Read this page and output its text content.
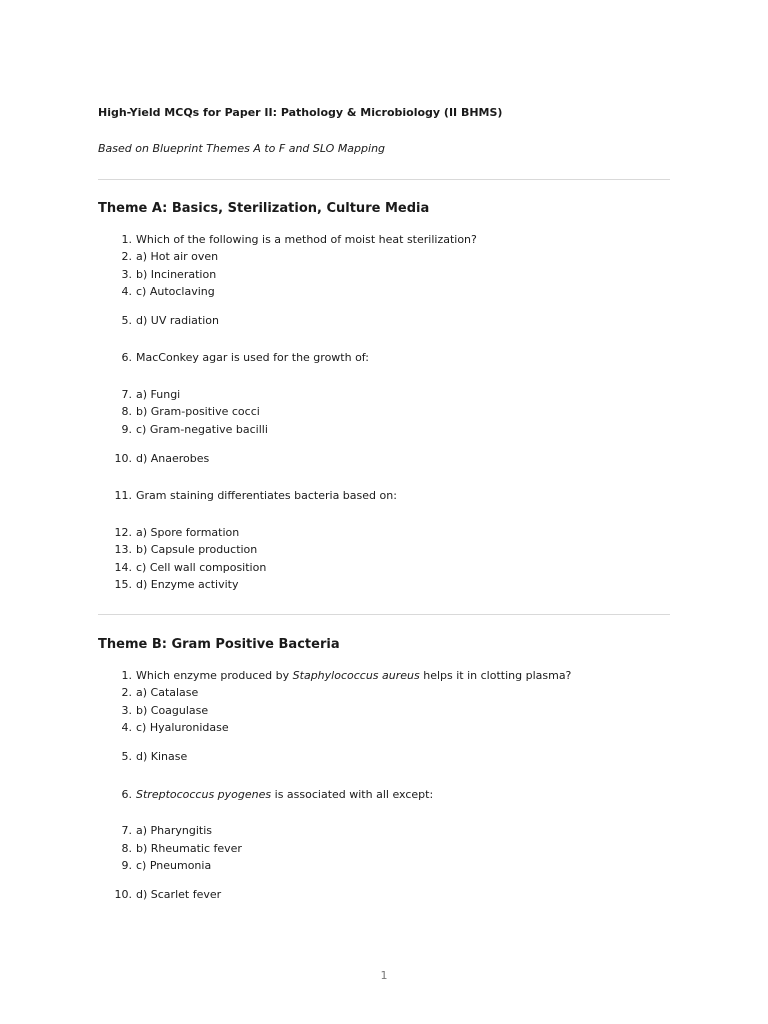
High-Yield MCQs for Paper II: Pathology & Microbiology (II BHMS)
Based on Blueprint Themes A to F and SLO Mapping
Theme A: Basics, Sterilization, Culture Media
1. Which of the following is a method of moist heat sterilization?
2. a) Hot air oven
3. b) Incineration
4. c) Autoclaving
5. d) UV radiation
6. MacConkey agar is used for the growth of:
7. a) Fungi
8. b) Gram-positive cocci
9. c) Gram-negative bacilli
10. d) Anaerobes
11. Gram staining differentiates bacteria based on:
12. a) Spore formation
13. b) Capsule production
14. c) Cell wall composition
15. d) Enzyme activity
Theme B: Gram Positive Bacteria
1. Which enzyme produced by Staphylococcus aureus helps it in clotting plasma?
2. a) Catalase
3. b) Coagulase
4. c) Hyaluronidase
5. d) Kinase
6. Streptococcus pyogenes is associated with all except:
7. a) Pharyngitis
8. b) Rheumatic fever
9. c) Pneumonia
10. d) Scarlet fever
1
